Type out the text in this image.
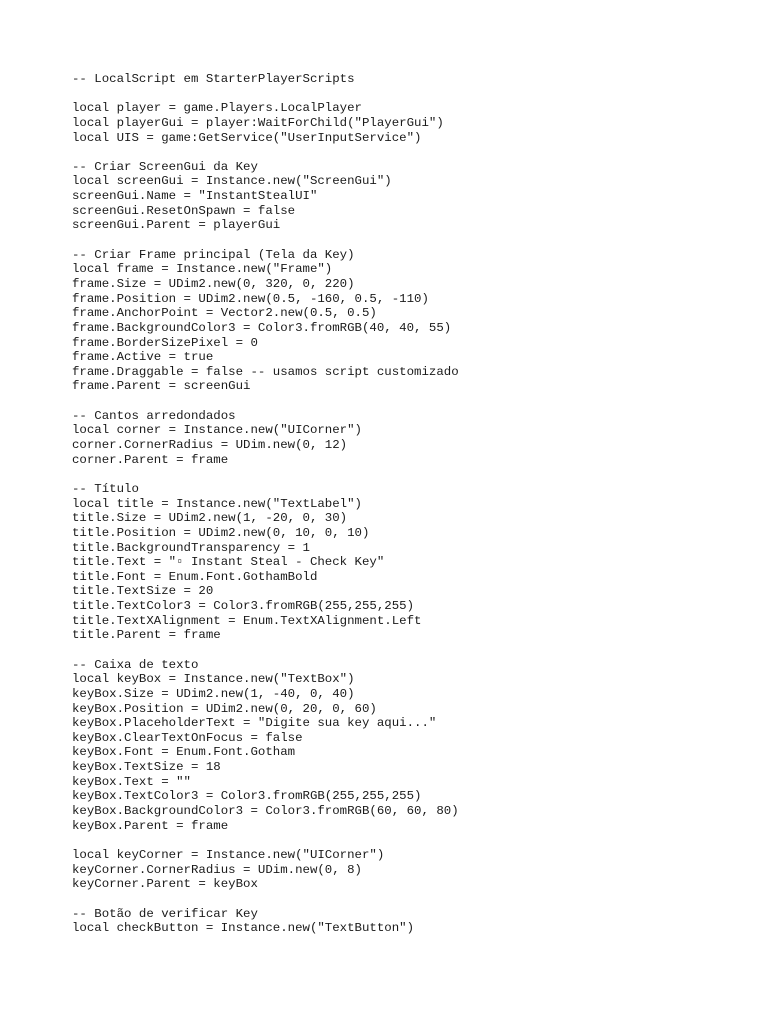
-- LocalScript em StarterPlayerScripts
local player = game.Players.LocalPlayer
local playerGui = player:WaitForChild("PlayerGui")
local UIS = game:GetService("UserInputService")
-- Criar ScreenGui da Key
local screenGui = Instance.new("ScreenGui")
screenGui.Name = "InstantStealUI"
screenGui.ResetOnSpawn = false
screenGui.Parent = playerGui
-- Criar Frame principal (Tela da Key)
local frame = Instance.new("Frame")
frame.Size = UDim2.new(0, 320, 0, 220)
frame.Position = UDim2.new(0.5, -160, 0.5, -110)
frame.AnchorPoint = Vector2.new(0.5, 0.5)
frame.BackgroundColor3 = Color3.fromRGB(40, 40, 55)
frame.BorderSizePixel = 0
frame.Active = true
frame.Draggable = false -- usamos script customizado
frame.Parent = screenGui
-- Cantos arredondados
local corner = Instance.new("UICorner")
corner.CornerRadius = UDim.new(0, 12)
corner.Parent = frame
-- Título
local title = Instance.new("TextLabel")
title.Size = UDim2.new(1, -20, 0, 30)
title.Position = UDim2.new(0, 10, 0, 10)
title.BackgroundTransparency = 1
title.Text = "▫ Instant Steal - Check Key"
title.Font = Enum.Font.GothamBold
title.TextSize = 20
title.TextColor3 = Color3.fromRGB(255,255,255)
title.TextXAlignment = Enum.TextXAlignment.Left
title.Parent = frame
-- Caixa de texto
local keyBox = Instance.new("TextBox")
keyBox.Size = UDim2.new(1, -40, 0, 40)
keyBox.Position = UDim2.new(0, 20, 0, 60)
keyBox.PlaceholderText = "Digite sua key aqui..."
keyBox.ClearTextOnFocus = false
keyBox.Font = Enum.Font.Gotham
keyBox.TextSize = 18
keyBox.Text = ""
keyBox.TextColor3 = Color3.fromRGB(255,255,255)
keyBox.BackgroundColor3 = Color3.fromRGB(60, 60, 80)
keyBox.Parent = frame
local keyCorner = Instance.new("UICorner")
keyCorner.CornerRadius = UDim.new(0, 8)
keyCorner.Parent = keyBox
-- Botão de verificar Key
local checkButton = Instance.new("TextButton")
